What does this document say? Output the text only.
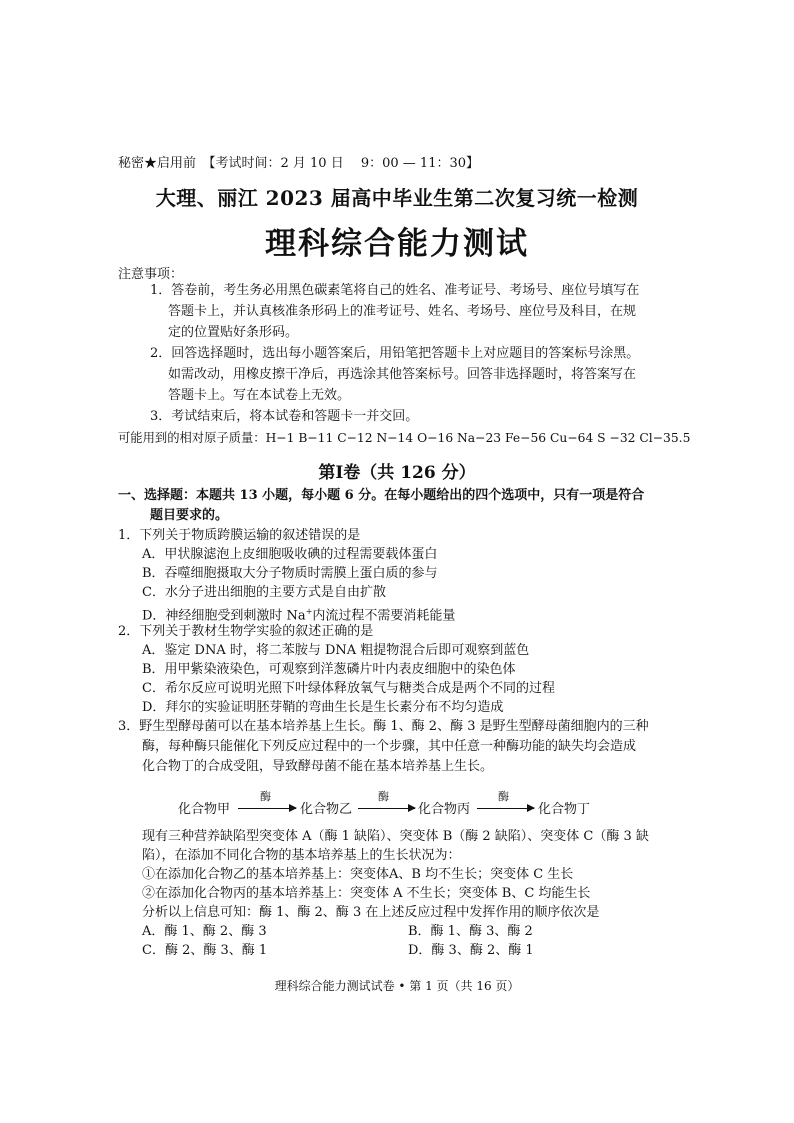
秘密★启用前　【考试时间：2 月 10 日　 9：00 — 11：30】
大理、丽江 2023 届高中毕业生第二次复习统一检测
理科综合能力测试
注意事项：
1．答卷前，考生务必用黑色碳素笔将自己的姓名、准考证号、考场号、座位号填写在
答题卡上，并认真核准条形码上的准考证号、姓名、考场号、座位号及科目，在规
定的位置贴好条形码。
2．回答选择题时，选出每小题答案后，用铅笔把答题卡上对应题目的答案标号涂黑。
如需改动，用橡皮擦干净后，再选涂其他答案标号。回答非选择题时，将答案写在
答题卡上。写在本试卷上无效。
3．考试结束后，将本试卷和答题卡一并交回。
可能用到的相对原子质量：H−1 B−11 C−12 N−14 O−16 Na−23 Fe−56 Cu−64 S −32 Cl−35.5
第Ⅰ卷（共 126 分）
一、选择题：本题共 13 小题，每小题 6 分。在每小题给出的四个选项中，只有一项是符合
题目要求的。
1．下列关于物质跨膜运输的叙述错误的是
A．甲状腺滤泡上皮细胞吸收碘的过程需要载体蛋白
B．吞噬细胞摄取大分子物质时需膜上蛋白质的参与
C．水分子进出细胞的主要方式是自由扩散
D．神经细胞受到刺激时 Na+内流过程不需要消耗能量
2．下列关于教材生物学实验的叙述正确的是
A．鉴定 DNA 时，将二苯胺与 DNA 粗提物混合后即可观察到蓝色
B．用甲紫染液染色，可观察到洋葱磷片叶内表皮细胞中的染色体
C．希尔反应可说明光照下叶绿体释放氧气与糖类合成是两个不同的过程
D．拜尔的实验证明胚芽鞘的弯曲生长是生长素分布不均匀造成
3．野生型酵母菌可以在基本培养基上生长。酶 1、酶 2、酶 3 是野生型酵母菌细胞内的三种
酶，每种酶只能催化下列反应过程中的一个步骤，其中任意一种酶功能的缺失均会造成
化合物丁的合成受阻，导致酵母菌不能在基本培养基上生长。
化合物甲
酶
化合物乙
酶
化合物丙
酶
化合物丁
现有三种营养缺陷型突变体 A（酶 1 缺陷）、突变体 B（酶 2 缺陷）、突变体 C（酶 3 缺
陷），在添加不同化合物的基本培养基上的生长状况为：
①在添加化合物乙的基本培养基上：突变体A、B 均不生长；突变体 C 生长
②在添加化合物丙的基本培养基上：突变体 A 不生长；突变体 B、C 均能生长
分析以上信息可知：酶 1、酶 2、酶 3 在上述反应过程中发挥作用的顺序依次是
A．酶 1、酶 2、酶 3	B．酶 1、酶 3、酶 2
C．酶 2、酶 3、酶 1	D．酶 3、酶 2、酶 1
理科综合能力测试试卷 • 第 1 页（共 16 页）
